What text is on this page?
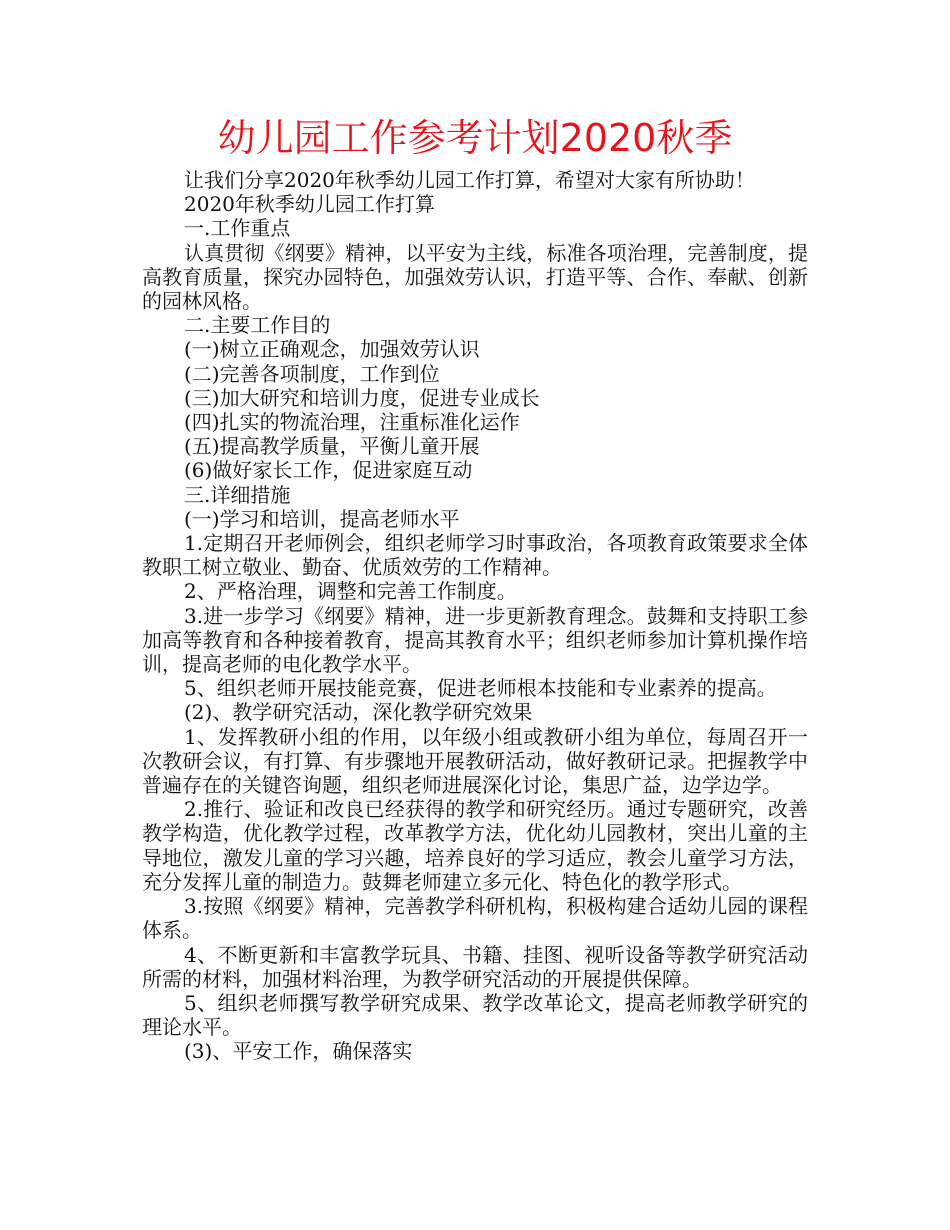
幼儿园工作参考计划2020秋季

让我们分享2020年秋季幼儿园工作打算，希望对大家有所协助！

2020年秋季幼儿园工作打算

一.工作重点

认真贯彻《纲要》精神，以平安为主线，标准各项治理，完善制度，提高教育质量，探究办园特色，加强效劳认识，打造平等、合作、奉献、创新的园林风格。

二.主要工作目的

(一)树立正确观念，加强效劳认识

(二)完善各项制度，工作到位

(三)加大研究和培训力度，促进专业成长

(四)扎实的物流治理，注重标准化运作

(五)提高教学质量，平衡儿童开展

(6)做好家长工作，促进家庭互动

三.详细措施

(一)学习和培训，提高老师水平

1.定期召开老师例会，组织老师学习时事政治，各项教育政策要求全体教职工树立敬业、勤奋、优质效劳的工作精神。

2、严格治理，调整和完善工作制度。

3.进一步学习《纲要》精神，进一步更新教育理念。鼓舞和支持职工参加高等教育和各种接着教育，提高其教育水平；组织老师参加计算机操作培训，提高老师的电化教学水平。

5、组织老师开展技能竞赛，促进老师根本技能和专业素养的提高。

(2)、教学研究活动，深化教学研究效果

1、发挥教研小组的作用，以年级小组或教研小组为单位，每周召开一次教研会议，有打算、有步骤地开展教研活动，做好教研记录。把握教学中普遍存在的关键咨询题，组织老师进展深化讨论，集思广益，边学边学。

2.推行、验证和改良已经获得的教学和研究经历。通过专题研究，改善教学构造，优化教学过程，改革教学方法，优化幼儿园教材，突出儿童的主导地位，激发儿童的学习兴趣，培养良好的学习适应，教会儿童学习方法，充分发挥儿童的制造力。鼓舞老师建立多元化、特色化的教学形式。

3.按照《纲要》精神，完善教学科研机构，积极构建合适幼儿园的课程体系。

4、不断更新和丰富教学玩具、书籍、挂图、视听设备等教学研究活动所需的材料，加强材料治理，为教学研究活动的开展提供保障。

5、组织老师撰写教学研究成果、教学改革论文，提高老师教学研究的理论水平。

(3)、平安工作，确保落实
